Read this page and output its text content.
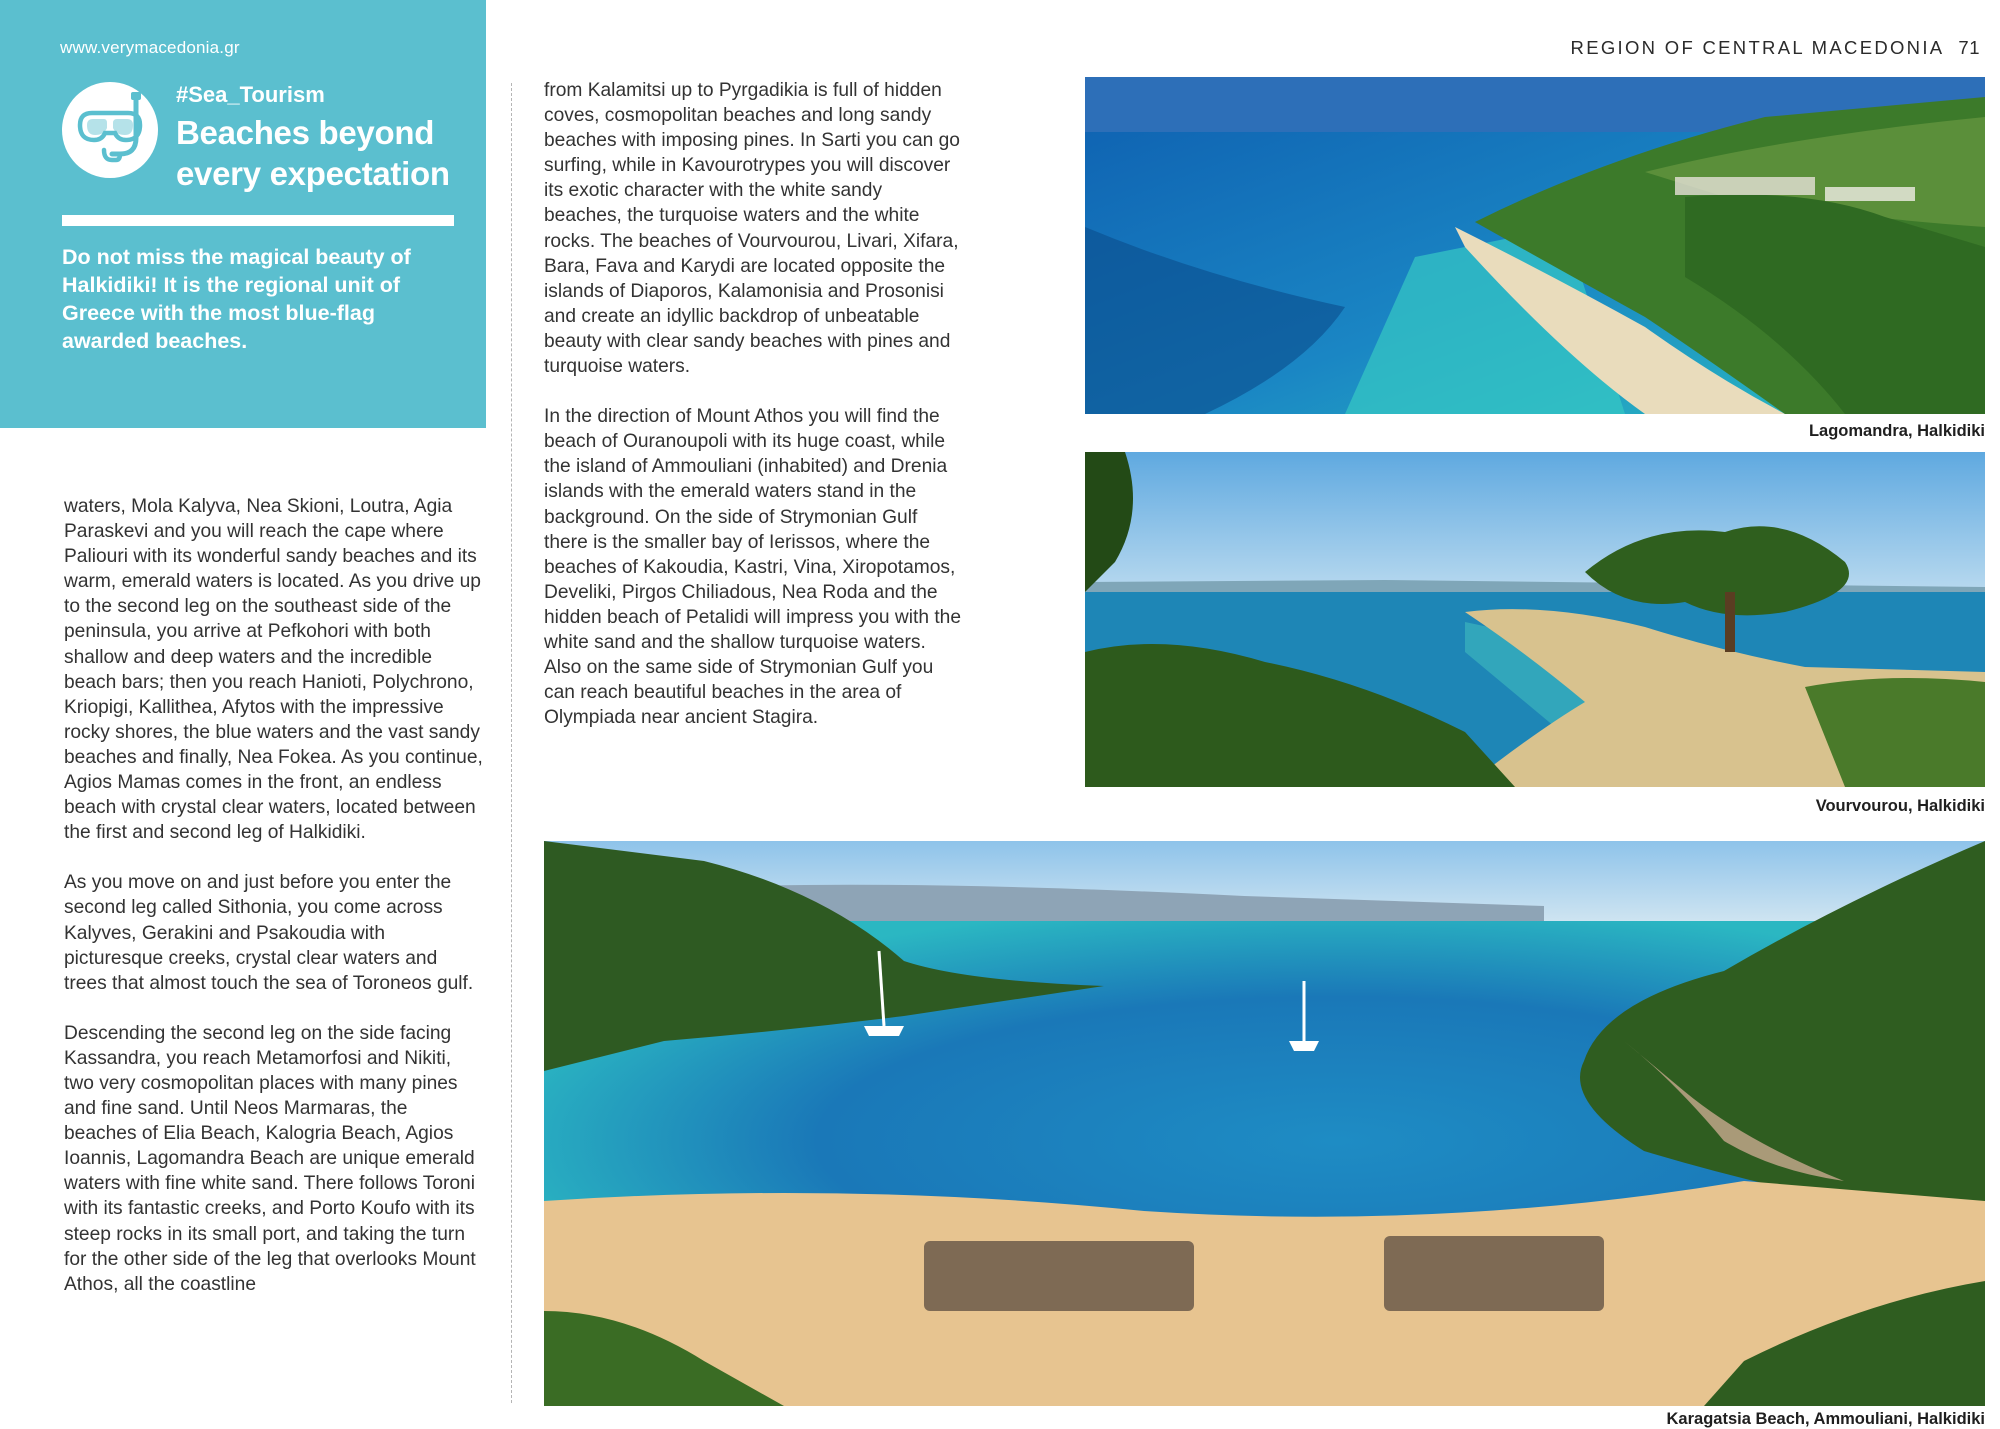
www.verymacedonia.gr
#Sea_Tourism
Beaches beyond every expectation
Do not miss the magical beauty of Halkidiki! It is the regional unit of Greece with the most blue-flag awarded beaches.
REGION OF CENTRAL MACEDONIA 71

waters, Mola Kalyva, Nea Skioni, Loutra, Agia Paraskevi and you will reach the cape where Paliouri with its wonderful sandy beaches and its warm, emerald waters is located. As you drive up to the second leg on the southeast side of the peninsula, you arrive at Pefkohori with both shallow and deep waters and the incredible beach bars; then you reach Hanioti, Polychrono, Kriopigi, Kallithea, Afytos with the impressive rocky shores, the blue waters and the vast sandy beaches and finally, Nea Fokea. As you continue, Agios Mamas comes in the front, an endless beach with crystal clear waters, located between the first and second leg of Halkidiki.

As you move on and just before you enter the second leg called Sithonia, you come across Kalyves, Gerakini and Psakoudia with picturesque creeks, crystal clear waters and trees that almost touch the sea of Toroneos gulf.

Descending the second leg on the side facing Kassandra, you reach Metamorfosi and Nikiti, two very cosmopolitan places with many pines and fine sand. Until Neos Marmaras, the beaches of Elia Beach, Kalogria Beach, Agios Ioannis, Lagomandra Beach are unique emerald waters with fine white sand. There follows Toroni with its fantastic creeks, and Porto Koufo with its steep rocks in its small port, and taking the turn for the other side of the leg that overlooks Mount Athos, all the coastline

from Kalamitsi up to Pyrgadikia is full of hidden coves, cosmopolitan beaches and long sandy beaches with imposing pines. In Sarti you can go surfing, while in Kavourotrypes you will discover its exotic character with the white sandy beaches, the turquoise waters and the white rocks. The beaches of Vourvourou, Livari, Xifara, Bara, Fava and Karydi are located opposite the islands of Diaporos, Kalamonisia and Prosonisi and create an idyllic backdrop of unbeatable beauty with clear sandy beaches with pines and turquoise waters.

In the direction of Mount Athos you will find the beach of Ouranoupoli with its huge coast, while the island of Ammouliani (inhabited) and Drenia islands with the emerald waters stand in the background. On the side of Strymonian Gulf there is the smaller bay of Ierissos, where the beaches of Kakoudia, Kastri, Vina, Xiropotamos, Develiki, Pirgos Chiliadous, Nea Roda and the hidden beach of Petalidi will impress you with the white sand and the shallow turquoise waters. Also on the same side of Strymonian Gulf you can reach beautiful beaches in the area of Olympiada near ancient Stagira.

Lagomandra, Halkidiki
Vourvourou, Halkidiki
Karagatsia Beach, Ammouliani, Halkidiki
